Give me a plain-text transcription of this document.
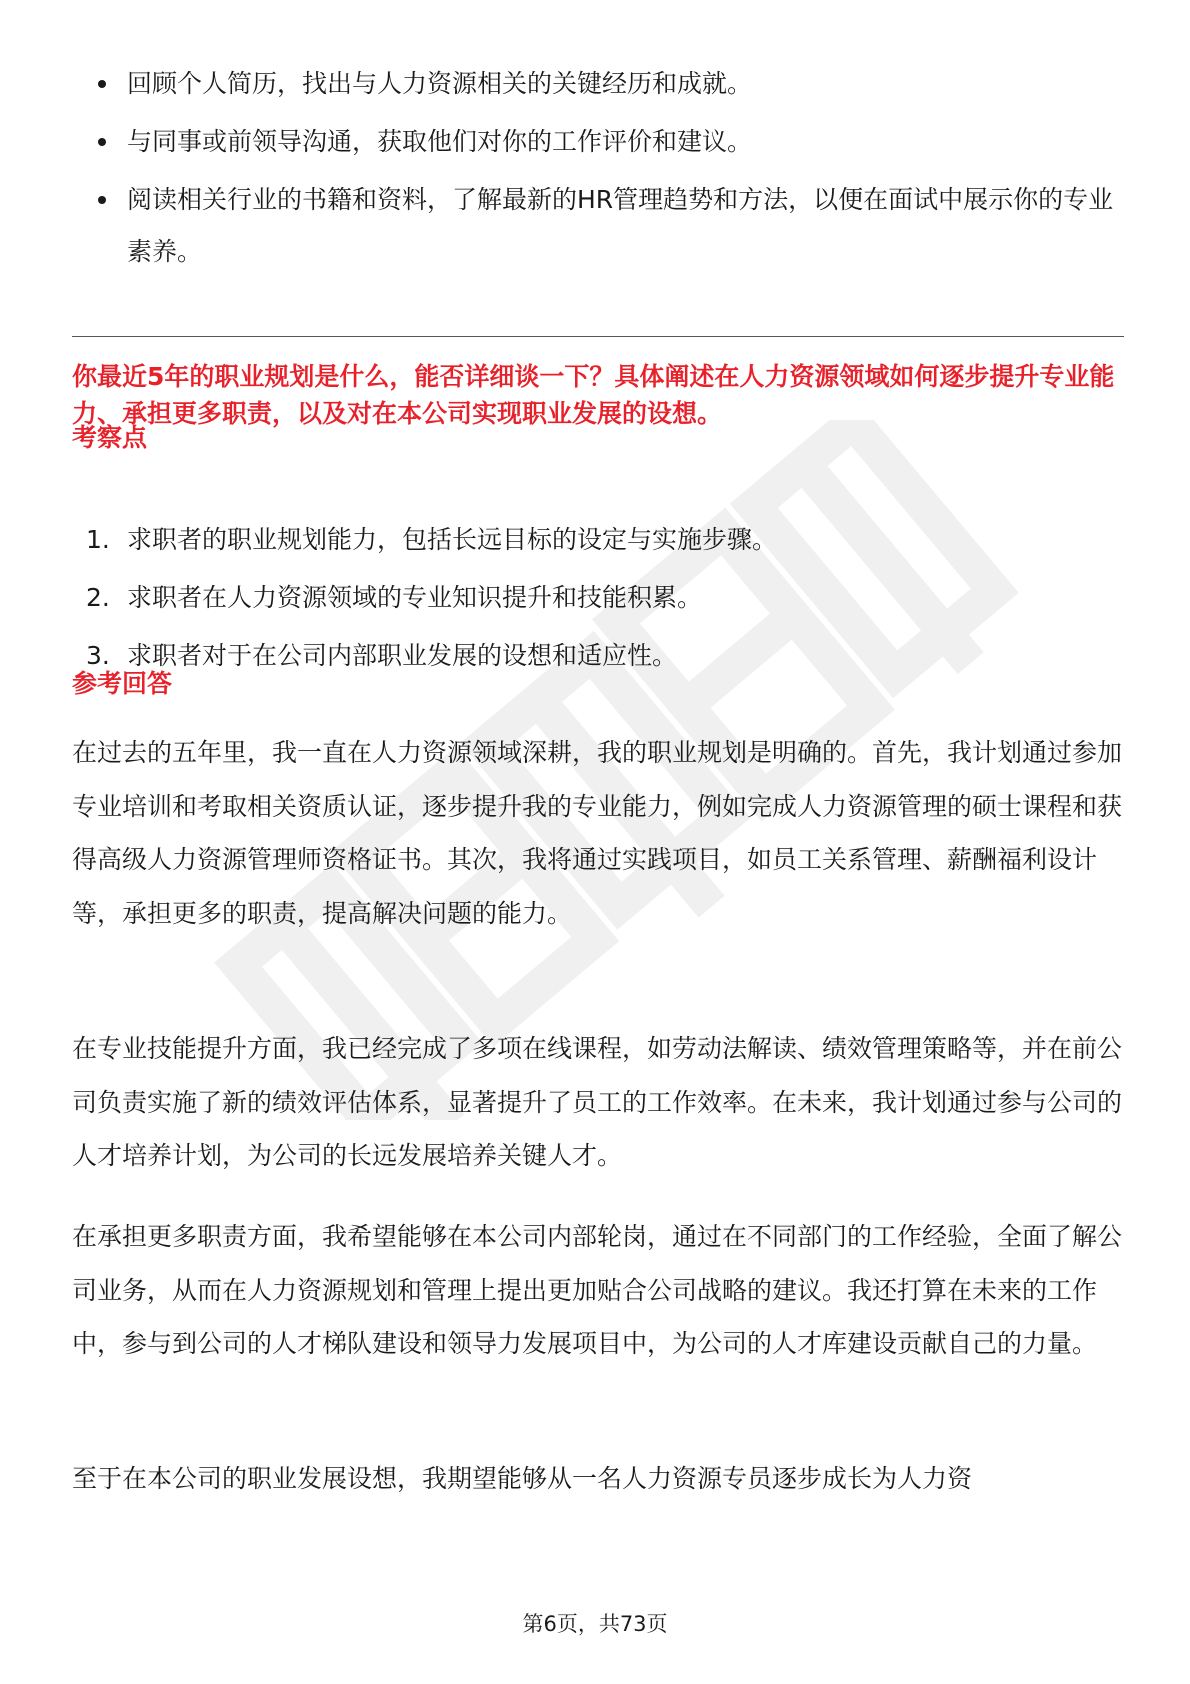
回顾个人简历，找出与人力资源相关的关键经历和成就。
与同事或前领导沟通，获取他们对你的工作评价和建议。
阅读相关行业的书籍和资料，了解最新的HR管理趋势和方法，以便在面试中展示你的专业素养。
你最近5年的职业规划是什么，能否详细谈一下？具体阐述在人力资源领域如何逐步提升专业能力、承担更多职责，以及对在本公司实现职业发展的设想。
考察点
1. 求职者的职业规划能力，包括长远目标的设定与实施步骤。
2. 求职者在人力资源领域的专业知识提升和技能积累。
3. 求职者对于在公司内部职业发展的设想和适应性。
参考回答

在过去的五年里，我一直在人力资源领域深耕，我的职业规划是明确的。首先，我计划通过参加专业培训和考取相关资质认证，逐步提升我的专业能力，例如完成人力资源管理的硕士课程和获得高级人力资源管理师资格证书。其次，我将通过实践项目，如员工关系管理、薪酬福利设计等，承担更多的职责，提高解决问题的能力。

在专业技能提升方面，我已经完成了多项在线课程，如劳动法解读、绩效管理策略等，并在前公司负责实施了新的绩效评估体系，显著提升了员工的工作效率。在未来，我计划通过参与公司的人才培养计划，为公司的长远发展培养关键人才。

在承担更多职责方面，我希望能够在本公司内部轮岗，通过在不同部门的工作经验，全面了解公司业务，从而在人力资源规划和管理上提出更加贴合公司战略的建议。我还打算在未来的工作中，参与到公司的人才梯队建设和领导力发展项目中，为公司的人才库建设贡献自己的力量。

至于在本公司的职业发展设想，我期望能够从一名人力资源专员逐步成长为人力资

第6页，共73页
